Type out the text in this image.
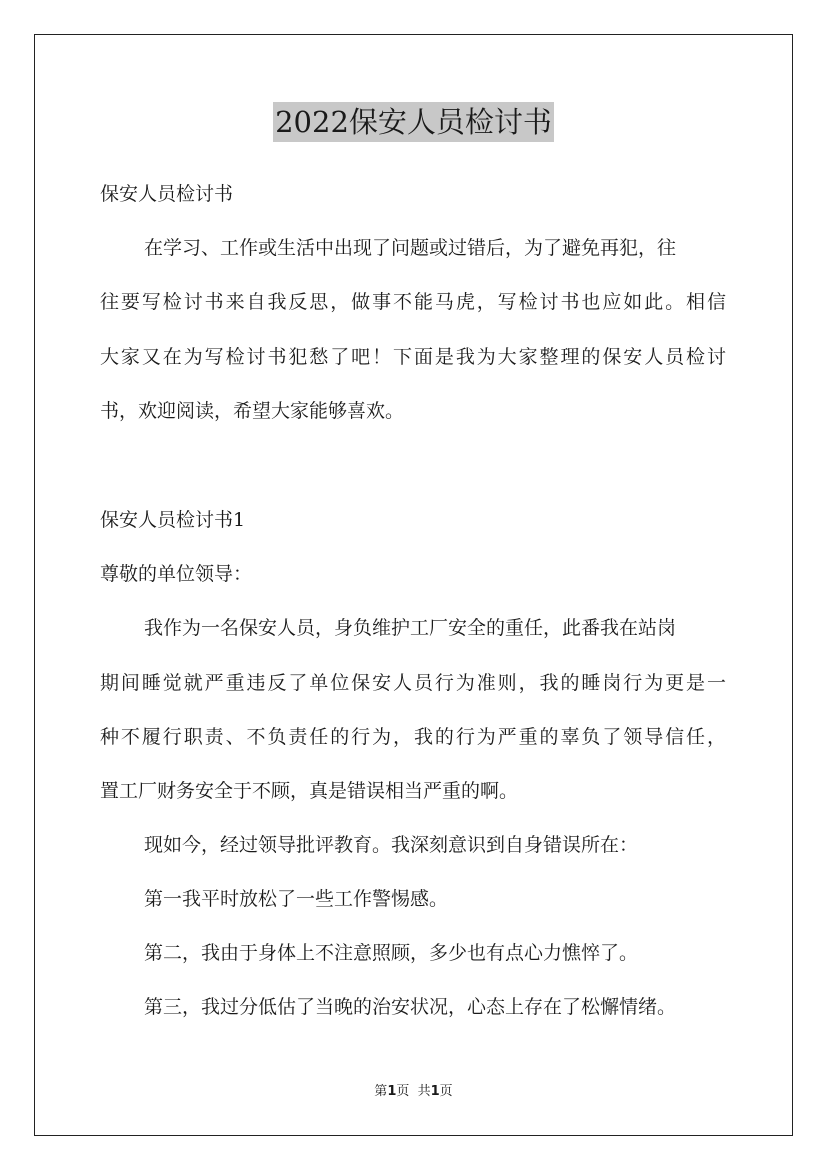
2022保安人员检讨书
保安人员检讨书
在学习、工作或生活中出现了问题或过错后，为了避免再犯，往
往要写检讨书来自我反思，做事不能马虎，写检讨书也应如此。相信
大家又在为写检讨书犯愁了吧！下面是我为大家整理的保安人员检讨
书，欢迎阅读，希望大家能够喜欢。
保安人员检讨书1
尊敬的单位领导：
我作为一名保安人员，身负维护工厂安全的重任，此番我在站岗
期间睡觉就严重违反了单位保安人员行为准则，我的睡岗行为更是一
种不履行职责、不负责任的行为，我的行为严重的辜负了领导信任，
置工厂财务安全于不顾，真是错误相当严重的啊。
现如今，经过领导批评教育。我深刻意识到自身错误所在：
第一我平时放松了一些工作警惕感。
第二，我由于身体上不注意照顾，多少也有点心力憔悴了。
第三，我过分低估了当晚的治安状况，心态上存在了松懈情绪。
第1页  共1页
